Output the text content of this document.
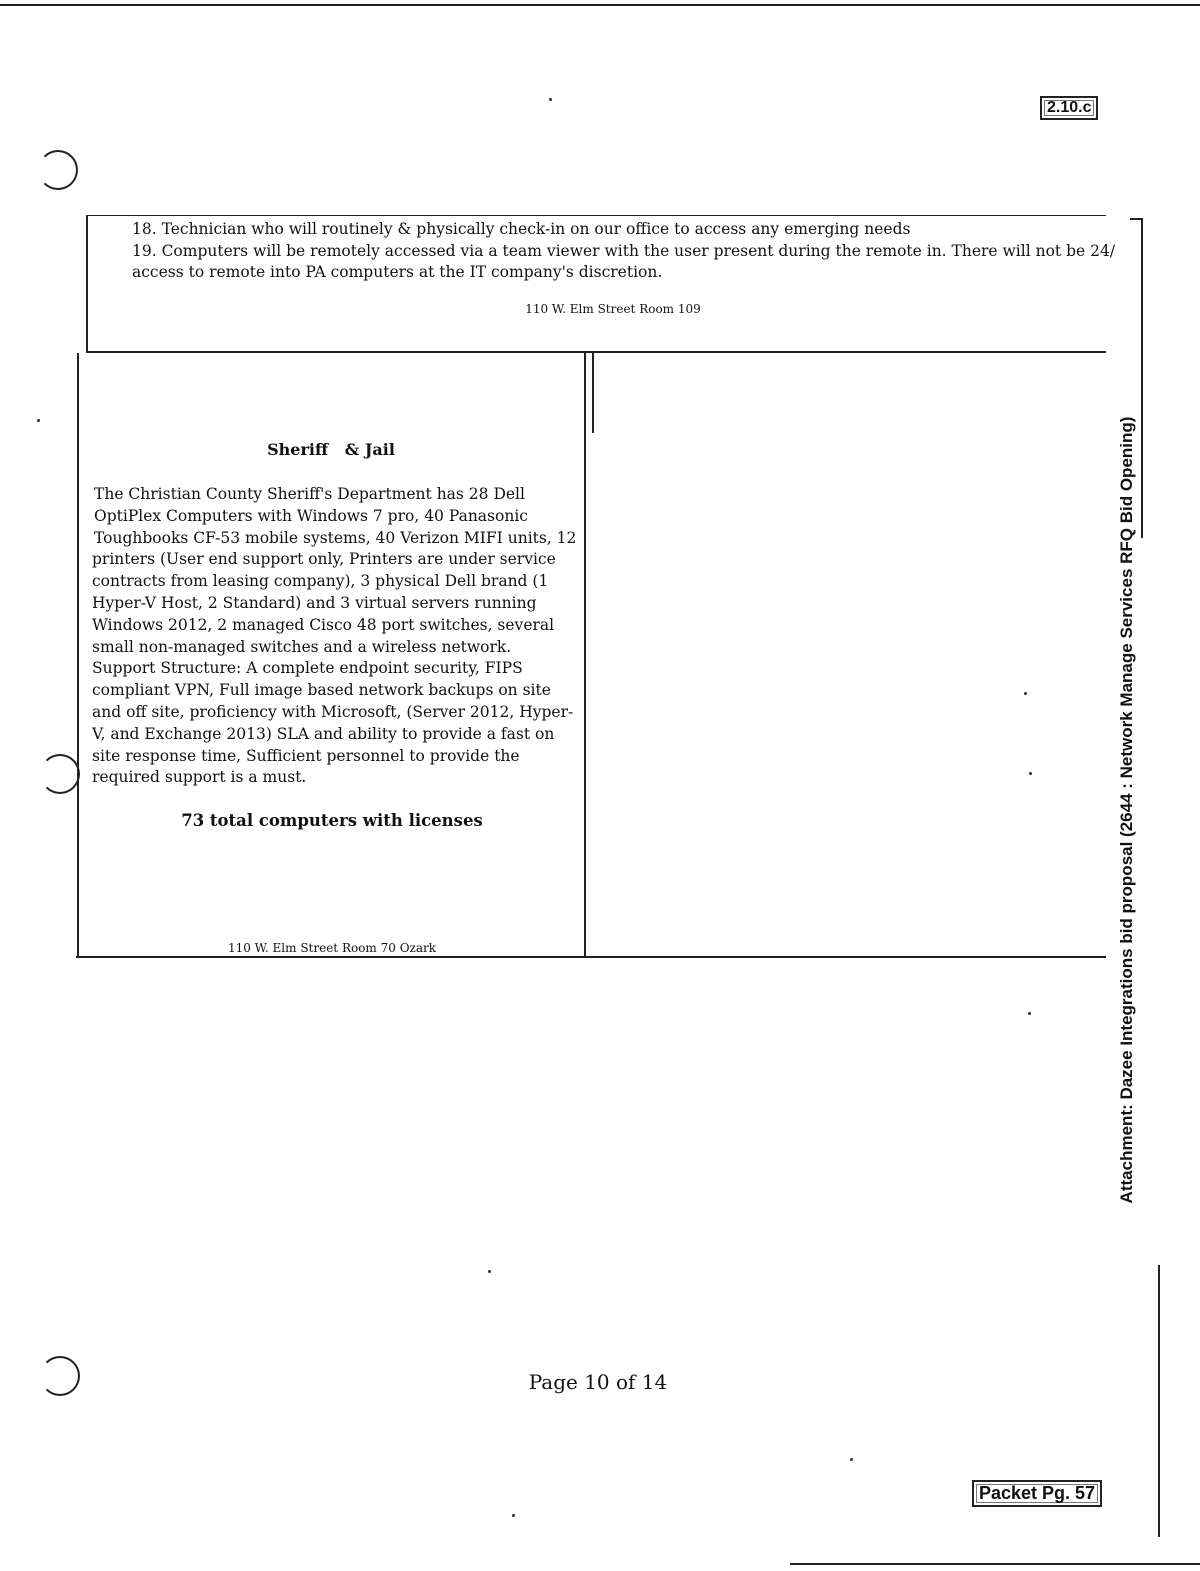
2.10.c
18. Technician who will routinely & physically check-in on our office to access any emerging needs
19. Computers will be remotely accessed via a team viewer with the user present during the remote in. There will not be 24/
access to remote into PA computers at the IT company's discretion.
110 W. Elm Street Room 109
Sheriff   & Jail
The Christian County Sheriff's Department has 28 Dell
OptiPlex Computers with Windows 7 pro, 40 Panasonic
Toughbooks CF-53 mobile systems, 40 Verizon MIFI units, 12
printers (User end support only, Printers are under service
contracts from leasing company), 3 physical Dell brand (1
Hyper-V Host, 2 Standard) and 3 virtual servers running
Windows 2012, 2 managed Cisco 48 port switches, several
small non-managed switches and a wireless network.
Support Structure: A complete endpoint security, FIPS
compliant VPN, Full image based network backups on site
and off site, proficiency with Microsoft, (Server 2012, Hyper-
V, and Exchange 2013) SLA and ability to provide a fast on
site response time, Sufficient personnel to provide the
required support is a must.
73 total computers with licenses
110 W. Elm Street Room 70 Ozark	Attachment: Dazee Integrations bid proposal (2644 : Network Manage Services RFQ Bid Opening)
Page 10 of 14
Packet Pg. 57
